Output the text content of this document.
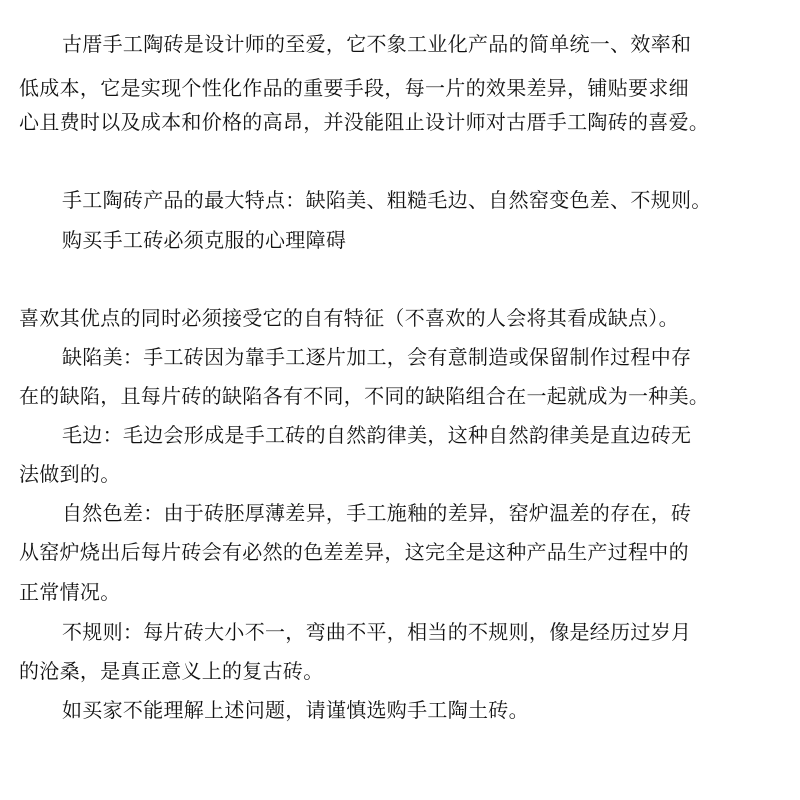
古厝手工陶砖是设计师的至爱，它不象工业化产品的简单统一、效率和
低成本，它是实现个性化作品的重要手段，每一片的效果差异，铺贴要求细
心且费时以及成本和价格的高昂，并没能阻止设计师对古厝手工陶砖的喜爱。
手工陶砖产品的最大特点：缺陷美、粗糙毛边、自然窑变色差、不规则。
购买手工砖必须克服的心理障碍
喜欢其优点的同时必须接受它的自有特征（不喜欢的人会将其看成缺点）。
缺陷美：手工砖因为靠手工逐片加工，会有意制造或保留制作过程中存
在的缺陷，且每片砖的缺陷各有不同，不同的缺陷组合在一起就成为一种美。
毛边：毛边会形成是手工砖的自然韵律美，这种自然韵律美是直边砖无
法做到的。
自然色差：由于砖胚厚薄差异，手工施釉的差异，窑炉温差的存在，砖
从窑炉烧出后每片砖会有必然的色差差异，这完全是这种产品生产过程中的
正常情况。
不规则：每片砖大小不一，弯曲不平，相当的不规则，像是经历过岁月
的沧桑，是真正意义上的复古砖。
如买家不能理解上述问题，请谨慎选购手工陶土砖。
